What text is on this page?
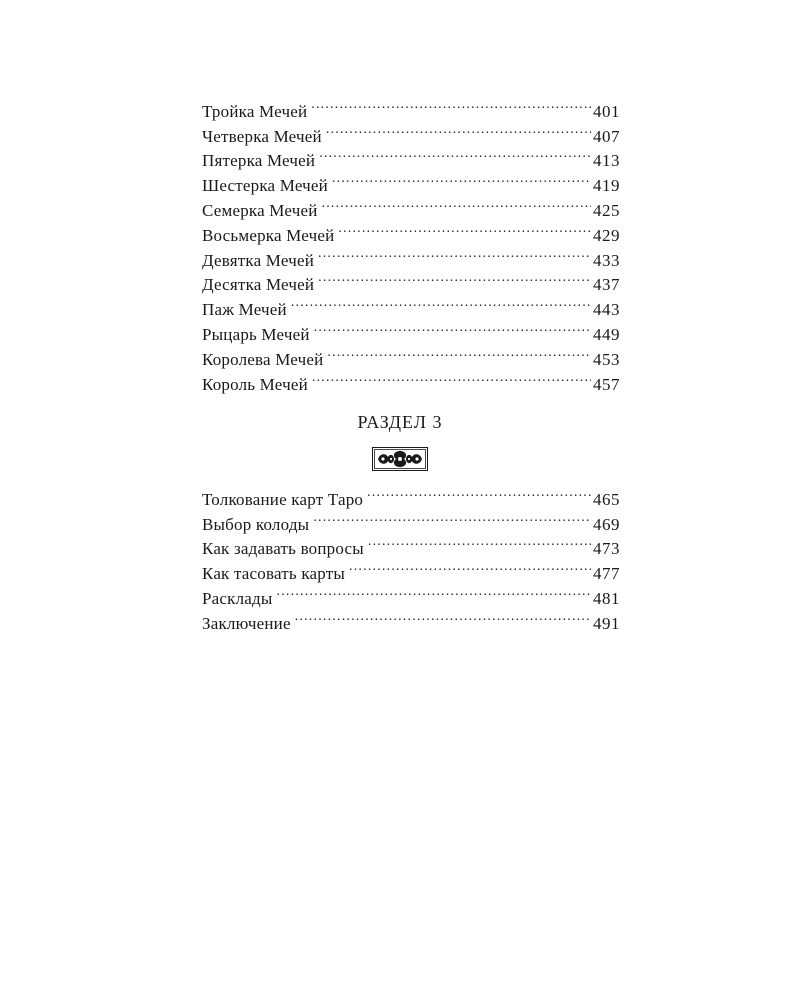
Тройка Мечей .....	401
Четверка Мечей .....	407
Пятерка Мечей .....	413
Шестерка Мечей .....	419
Семерка Мечей .....	425
Восьмерка Мечей .....	429
Девятка Мечей .....	433
Десятка Мечей .....	437
Паж Мечей .....	443
Рыцарь Мечей .....	449
Королева Мечей .....	453
Король Мечей .....	457
РАЗДЕЛ 3
Толкование карт Таро .....	465
Выбор колоды .....	469
Как задавать вопросы .....	473
Как тасовать карты .....	477
Расклады .....	481
Заключение .....	491
